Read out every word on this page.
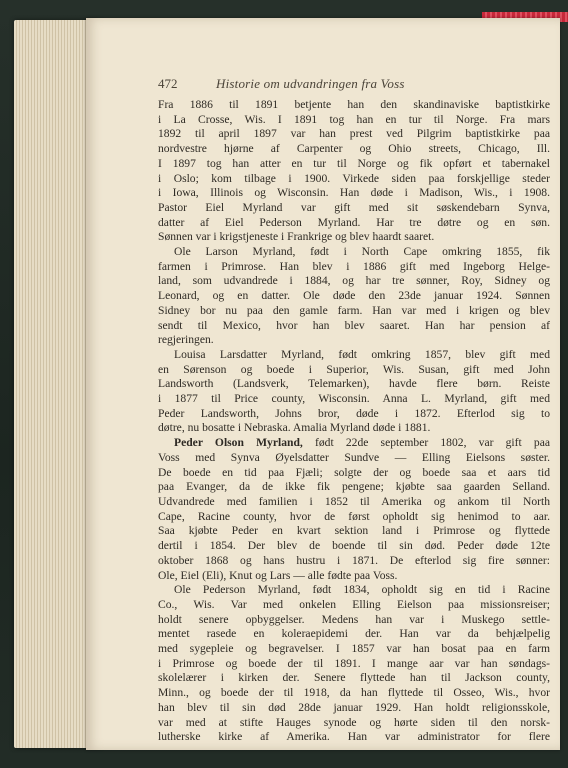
472	Historie om udvandringen fra Voss
Fra 1886 til 1891 betjente han den skandinaviske baptistkirke
i La Crosse, Wis. I 1891 tog han en tur til Norge. Fra mars
1892 til april 1897 var han prest ved Pilgrim baptistkirke paa
nordvestre hjørne af Carpenter og Ohio streets, Chicago, Ill.
I 1897 tog han atter en tur til Norge og fik opført et tabernakel
i Oslo; kom tilbage i 1900. Virkede siden paa forskjellige steder
i Iowa, Illinois og Wisconsin. Han døde i Madison, Wis., i 1908.
Pastor Eiel Myrland var gift med sit søskendebarn Synva,
datter af Eiel Pederson Myrland. Har tre døtre og en søn.
Sønnen var i krigstjeneste i Frankrige og blev haardt saaret.
Ole Larson Myrland, født i North Cape omkring 1855, fik
farmen i Primrose. Han blev i 1886 gift med Ingeborg Helge-
land, som udvandrede i 1884, og har tre sønner, Roy, Sidney og
Leonard, og en datter. Ole døde den 23de januar 1924. Sønnen
Sidney bor nu paa den gamle farm. Han var med i krigen og blev
sendt til Mexico, hvor han blev saaret. Han har pension af
regjeringen.
Louisa Larsdatter Myrland, født omkring 1857, blev gift med
en Sørenson og boede i Superior, Wis. Susan, gift med John
Landsworth (Landsverk, Telemarken), havde flere børn. Reiste
i 1877 til Price county, Wisconsin. Anna L. Myrland, gift med
Peder Landsworth, Johns bror, døde i 1872. Efterlod sig to
døtre, nu bosatte i Nebraska. Amalia Myrland døde i 1881.
Peder Olson Myrland, født 22de september 1802, var gift paa
Voss med Synva Øyelsdatter Sundve — Elling Eielsons søster.
De boede en tid paa Fjæli; solgte der og boede saa et aars tid
paa Evanger, da de ikke fik pengene; kjøbte saa gaarden Selland.
Udvandrede med familien i 1852 til Amerika og ankom til North
Cape, Racine county, hvor de først opholdt sig henimod to aar.
Saa kjøbte Peder en kvart sektion land i Primrose og flyttede
dertil i 1854. Der blev de boende til sin død. Peder døde 12te
oktober 1868 og hans hustru i 1871. De efterlod sig fire sønner:
Ole, Eiel (Eli), Knut og Lars — alle fødte paa Voss.
Ole Pederson Myrland, født 1834, opholdt sig en tid i Racine
Co., Wis. Var med onkelen Elling Eielson paa missionsreiser;
holdt senere opbyggelser. Medens han var i Muskego settle-
mentet rasede en koleraepidemi der. Han var da behjælpelig
med sygepleie og begravelser. I 1857 var han bosat paa en farm
i Primrose og boede der til 1891. I mange aar var han søndags-
skolelærer i kirken der. Senere flyttede han til Jackson county,
Minn., og boede der til 1918, da han flyttede til Osseo, Wis., hvor
han blev til sin død 28de januar 1929. Han holdt religionsskole,
var med at stifte Hauges synode og hørte siden til den norsk-
lutherske kirke af Amerika. Han var administrator for flere
